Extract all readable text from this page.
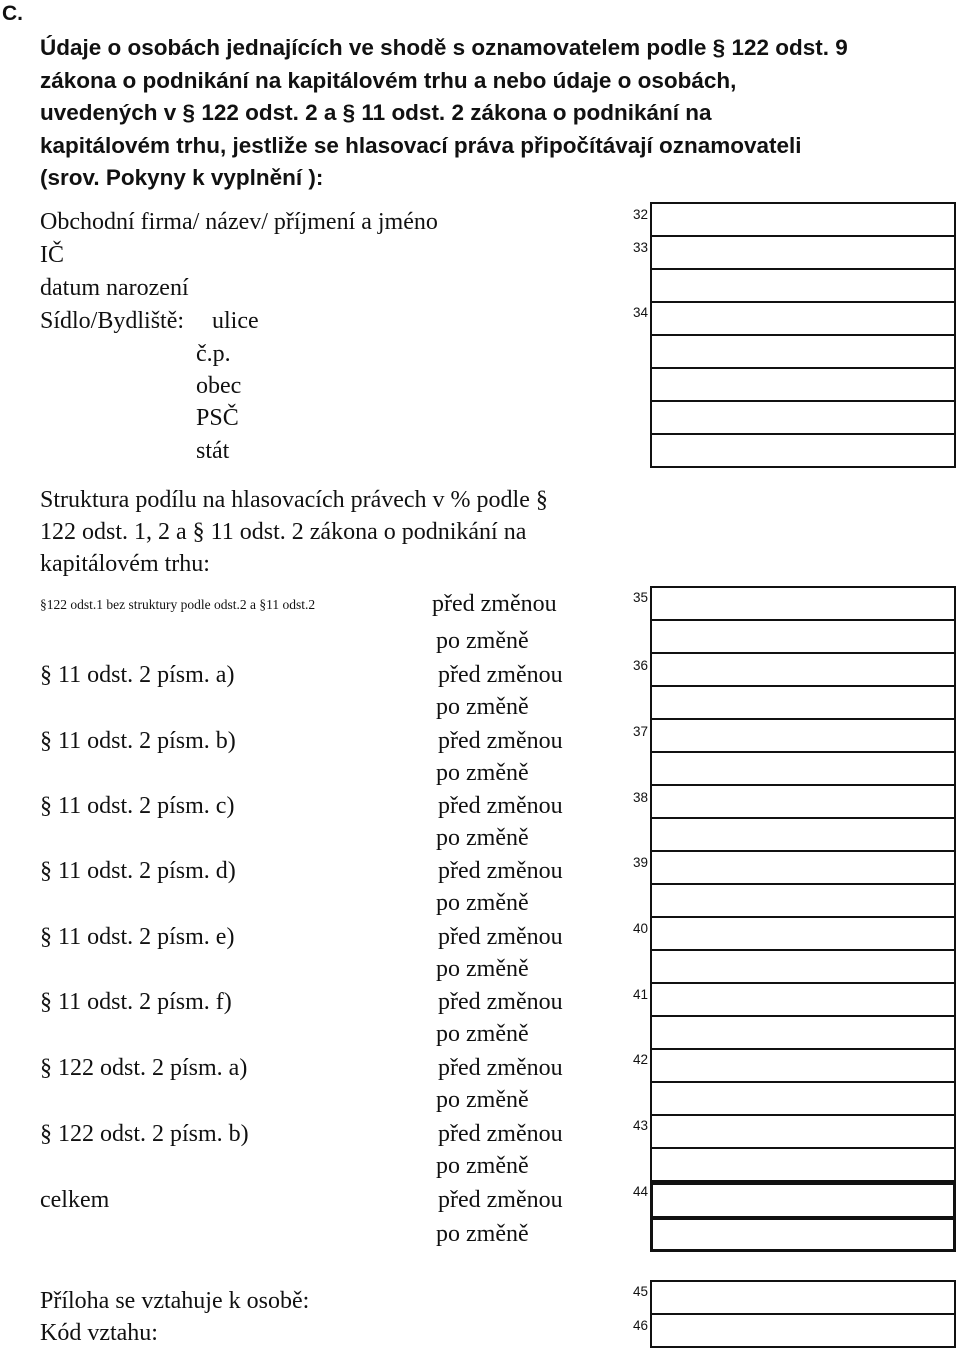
C.
Údaje o osobách jednajících ve shodě s oznamovatelem podle § 122 odst. 9
zákona o podnikání na kapitálovém trhu a nebo údaje o osobách,
uvedených v § 122 odst. 2 a § 11 odst. 2 zákona o podnikání na
kapitálovém trhu, jestliže se hlasovací práva připočítávají oznamovateli
(srov. Pokyny k vyplnění ):
Obchodní firma/ název/ příjmení a jméno
IČ
datum narození
Sídlo/Bydliště: ulice
č.p.
obec
PSČ
stát
32
33
34
Struktura podílu na hlasovacích právech v % podle §
122 odst. 1, 2 a § 11 odst. 2 zákona o podnikání na
kapitálovém trhu:
§122 odst.1 bez struktury podle odst.2 a §11 odst.2
§ 11 odst. 2 písm. a)
§ 11 odst. 2 písm. b)
§ 11 odst. 2 písm. c)
§ 11 odst. 2 písm. d)
§ 11 odst. 2 písm. e)
§ 11 odst. 2 písm. f)
§ 122 odst. 2 písm. a)
§ 122 odst. 2 písm. b)
celkem
před změnou
po změně
před změnou
po změně
před změnou
po změně
před změnou
po změně
před změnou
po změně
před změnou
po změně
před změnou
po změně
před změnou
po změně
před změnou
po změně
před změnou
po změně
35
36
37
38
39
40
41
42
43
44
Příloha se vztahuje k osobě:
Kód vztahu:
45
46
